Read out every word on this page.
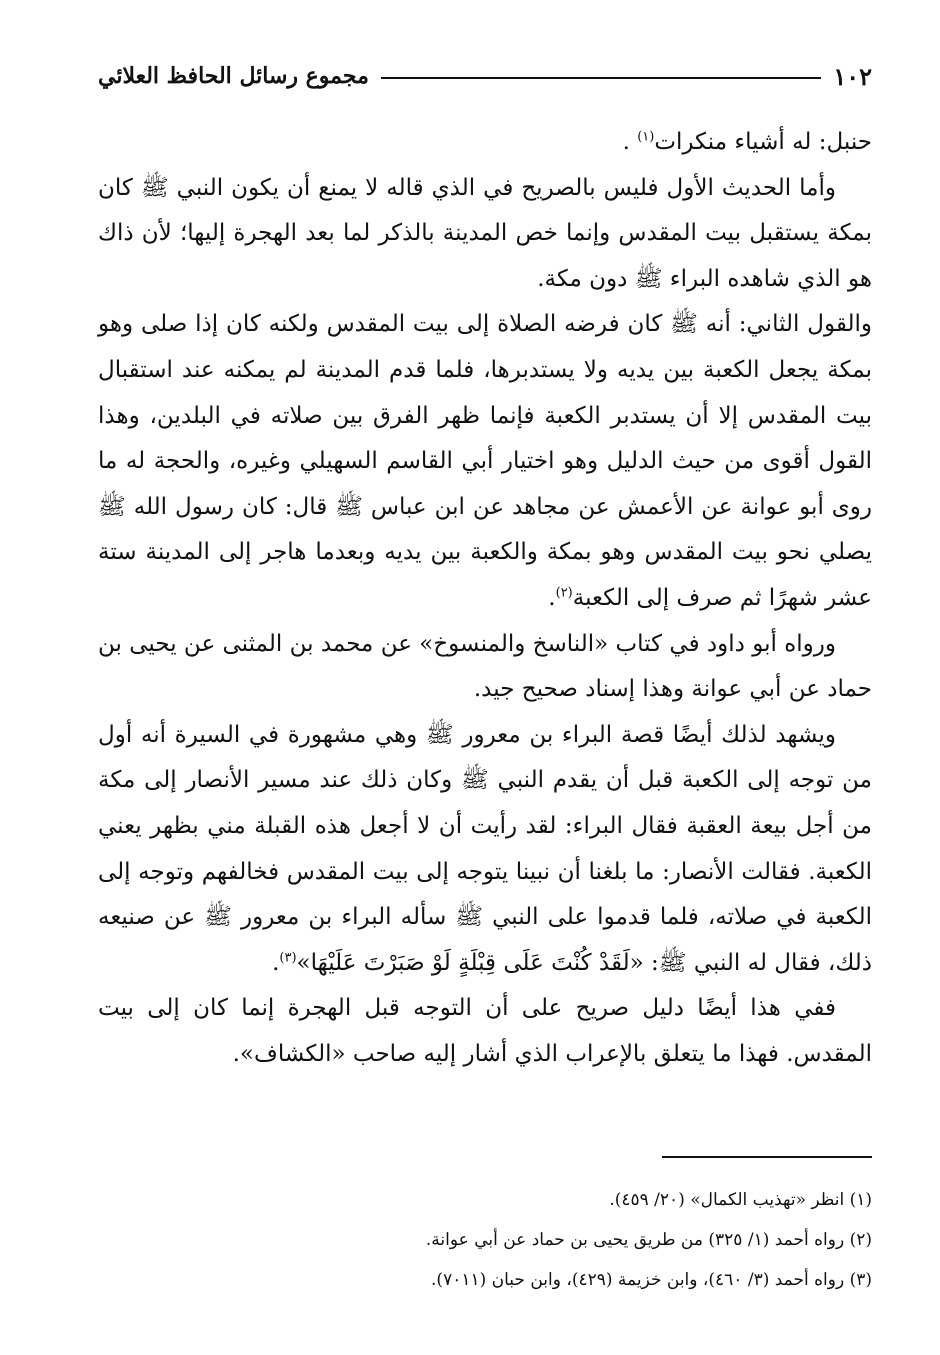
١٠٢
مجموع رسائل الحافظ العلائي

حنبل: له أشياء منكرات$^{(١)}$ .

وأما الحديث الأول فليس بالصريح في الذي قاله لا يمنع أن يكون النبي ﷺ كان بمكة يستقبل بيت المقدس وإنما خص المدينة بالذكر لما بعد الهجرة إليها؛ لأن ذاك هو الذي شاهده البراء ﷺ دون مكة.

والقول الثاني: أنه ﷺ كان فرضه الصلاة إلى بيت المقدس ولكنه كان إذا صلى وهو بمكة يجعل الكعبة بين يديه ولا يستدبرها، فلما قدم المدينة لم يمكنه عند استقبال بيت المقدس إلا أن يستدبر الكعبة فإنما ظهر الفرق بين صلاته في البلدين، وهذا القول أقوى من حيث الدليل وهو اختيار أبي القاسم السهيلي وغيره، والحجة له ما روى أبو عوانة عن الأعمش عن مجاهد عن ابن عباس ﷺ قال: كان رسول الله ﷺ يصلي نحو بيت المقدس وهو بمكة والكعبة بين يديه وبعدما هاجر إلى المدينة ستة عشر شهرًا ثم صرف إلى الكعبة$^{(٢)}$.

ورواه أبو داود في كتاب «الناسخ والمنسوخ» عن محمد بن المثنى عن يحيى بن حماد عن أبي عوانة وهذا إسناد صحيح جيد.

ويشهد لذلك أيضًا قصة البراء بن معرور ﷺ وهي مشهورة في السيرة أنه أول من توجه إلى الكعبة قبل أن يقدم النبي ﷺ وكان ذلك عند مسير الأنصار إلى مكة من أجل بيعة العقبة فقال البراء: لقد رأيت أن لا أجعل هذه القبلة مني بظهر يعني الكعبة. فقالت الأنصار: ما بلغنا أن نبينا يتوجه إلى بيت المقدس فخالفهم وتوجه إلى الكعبة في صلاته، فلما قدموا على النبي ﷺ سأله البراء بن معرور ﷺ عن صنيعه ذلك، فقال له النبي ﷺ: «لَقَدْ كُنْتَ عَلَى قِبْلَةٍ لَوْ صَبَرْتَ عَلَيْهَا»$^{(٣)}$.

ففي هذا أيضًا دليل صريح على أن التوجه قبل الهجرة إنما كان إلى بيت المقدس. فهذا ما يتعلق بالإعراب الذي أشار إليه صاحب «الكشاف».

(١) انظر «تهذيب الكمال» (٢٠/ ٤٥٩).

(٢) رواه أحمد (١/ ٣٢٥) من طريق يحيى بن حماد عن أبي عوانة.

(٣) رواه أحمد (٣/ ٤٦٠)، وابن خزيمة (٤٢٩)، وابن حبان (٧٠١١).
